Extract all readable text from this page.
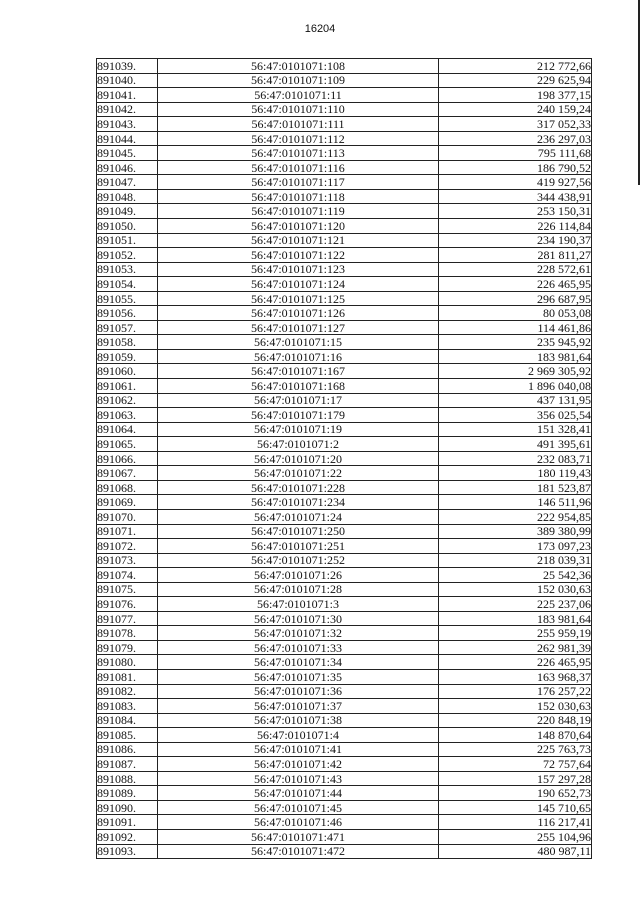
16204
891039.	56:47:0101071:108	212 772,66
891040.	56:47:0101071:109	229 625,94
891041.	56:47:0101071:11	198 377,15
891042.	56:47:0101071:110	240 159,24
891043.	56:47:0101071:111	317 052,33
891044.	56:47:0101071:112	236 297,03
891045.	56:47:0101071:113	795 111,68
891046.	56:47:0101071:116	186 790,52
891047.	56:47:0101071:117	419 927,56
891048.	56:47:0101071:118	344 438,91
891049.	56:47:0101071:119	253 150,31
891050.	56:47:0101071:120	226 114,84
891051.	56:47:0101071:121	234 190,37
891052.	56:47:0101071:122	281 811,27
891053.	56:47:0101071:123	228 572,61
891054.	56:47:0101071:124	226 465,95
891055.	56:47:0101071:125	296 687,95
891056.	56:47:0101071:126	80 053,08
891057.	56:47:0101071:127	114 461,86
891058.	56:47:0101071:15	235 945,92
891059.	56:47:0101071:16	183 981,64
891060.	56:47:0101071:167	2 969 305,92
891061.	56:47:0101071:168	1 896 040,08
891062.	56:47:0101071:17	437 131,95
891063.	56:47:0101071:179	356 025,54
891064.	56:47:0101071:19	151 328,41
891065.	56:47:0101071:2	491 395,61
891066.	56:47:0101071:20	232 083,71
891067.	56:47:0101071:22	180 119,43
891068.	56:47:0101071:228	181 523,87
891069.	56:47:0101071:234	146 511,96
891070.	56:47:0101071:24	222 954,85
891071.	56:47:0101071:250	389 380,99
891072.	56:47:0101071:251	173 097,23
891073.	56:47:0101071:252	218 039,31
891074.	56:47:0101071:26	25 542,36
891075.	56:47:0101071:28	152 030,63
891076.	56:47:0101071:3	225 237,06
891077.	56:47:0101071:30	183 981,64
891078.	56:47:0101071:32	255 959,19
891079.	56:47:0101071:33	262 981,39
891080.	56:47:0101071:34	226 465,95
891081.	56:47:0101071:35	163 968,37
891082.	56:47:0101071:36	176 257,22
891083.	56:47:0101071:37	152 030,63
891084.	56:47:0101071:38	220 848,19
891085.	56:47:0101071:4	148 870,64
891086.	56:47:0101071:41	225 763,73
891087.	56:47:0101071:42	72 757,64
891088.	56:47:0101071:43	157 297,28
891089.	56:47:0101071:44	190 652,73
891090.	56:47:0101071:45	145 710,65
891091.	56:47:0101071:46	116 217,41
891092.	56:47:0101071:471	255 104,96
891093.	56:47:0101071:472	480 987,11
